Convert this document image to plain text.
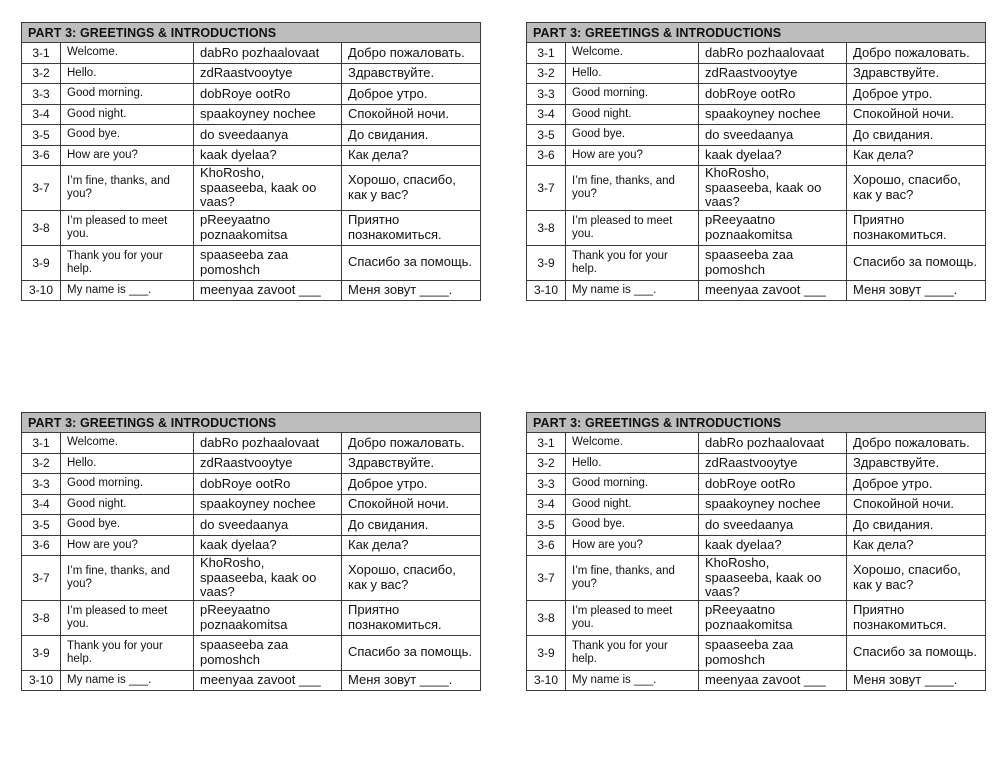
PART 3: GREETINGS & INTRODUCTIONS			
3-1	Welcome.	dabRo pozhaalovaat	Добро пожаловать.
3-2	Hello.	zdRaastvooytye	Здравствуйте.
3-3	Good morning.	dobRoye ootRo	Доброе утро.
3-4	Good night.	spaakoyney nochee	Спокойной ночи.
3-5	Good bye.	do sveedaanya	До свидания.
3-6	How are you?	kaak dyelaa?	Как дела?
3-7	I’m fine, thanks, and you?	KhoRosho, spaaseeba, kaak oo vaas?	Хорошо, спасибо, как у вас?
3-8	I’m pleased to meet you.	pReeyaatno poznaakomitsa	Приятно познакомиться.
3-9	Thank you for your help.	spaaseeba zaa pomoshch	Спасибо за помощь.
3-10	My name is ___.	meenyaa zavoot ___	Меня зовут ____.
PART 3: GREETINGS & INTRODUCTIONS			
3-1	Welcome.	dabRo pozhaalovaat	Добро пожаловать.
3-2	Hello.	zdRaastvooytye	Здравствуйте.
3-3	Good morning.	dobRoye ootRo	Доброе утро.
3-4	Good night.	spaakoyney nochee	Спокойной ночи.
3-5	Good bye.	do sveedaanya	До свидания.
3-6	How are you?	kaak dyelaa?	Как дела?
3-7	I’m fine, thanks, and you?	KhoRosho, spaaseeba, kaak oo vaas?	Хорошо, спасибо, как у вас?
3-8	I’m pleased to meet you.	pReeyaatno poznaakomitsa	Приятно познакомиться.
3-9	Thank you for your help.	spaaseeba zaa pomoshch	Спасибо за помощь.
3-10	My name is ___.	meenyaa zavoot ___	Меня зовут ____.
PART 3: GREETINGS & INTRODUCTIONS			
3-1	Welcome.	dabRo pozhaalovaat	Добро пожаловать.
3-2	Hello.	zdRaastvooytye	Здравствуйте.
3-3	Good morning.	dobRoye ootRo	Доброе утро.
3-4	Good night.	spaakoyney nochee	Спокойной ночи.
3-5	Good bye.	do sveedaanya	До свидания.
3-6	How are you?	kaak dyelaa?	Как дела?
3-7	I’m fine, thanks, and you?	KhoRosho, spaaseeba, kaak oo vaas?	Хорошо, спасибо, как у вас?
3-8	I’m pleased to meet you.	pReeyaatno poznaakomitsa	Приятно познакомиться.
3-9	Thank you for your help.	spaaseeba zaa pomoshch	Спасибо за помощь.
3-10	My name is ___.	meenyaa zavoot ___	Меня зовут ____.
PART 3: GREETINGS & INTRODUCTIONS			
3-1	Welcome.	dabRo pozhaalovaat	Добро пожаловать.
3-2	Hello.	zdRaastvooytye	Здравствуйте.
3-3	Good morning.	dobRoye ootRo	Доброе утро.
3-4	Good night.	spaakoyney nochee	Спокойной ночи.
3-5	Good bye.	do sveedaanya	До свидания.
3-6	How are you?	kaak dyelaa?	Как дела?
3-7	I’m fine, thanks, and you?	KhoRosho, spaaseeba, kaak oo vaas?	Хорошо, спасибо, как у вас?
3-8	I’m pleased to meet you.	pReeyaatno poznaakomitsa	Приятно познакомиться.
3-9	Thank you for your help.	spaaseeba zaa pomoshch	Спасибо за помощь.
3-10	My name is ___.	meenyaa zavoot ___	Меня зовут ____.
